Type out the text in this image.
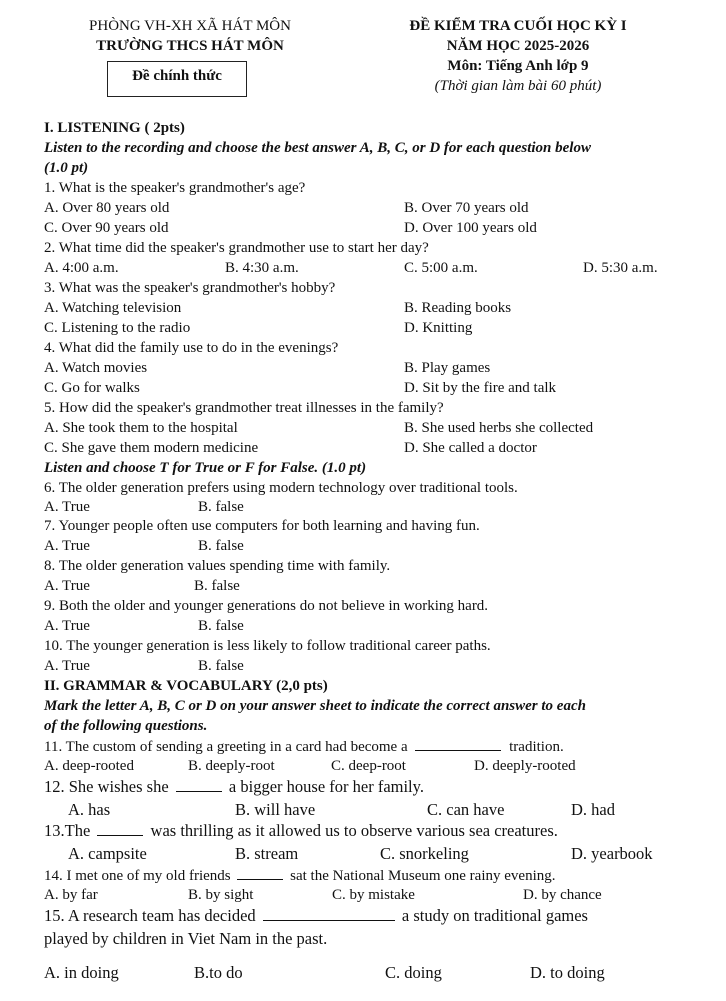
PHÒNG VH-XH XÃ HÁT MÔN
TRƯỜNG THCS HÁT MÔN
Đề chính thức
ĐỀ KIỂM TRA CUỐI HỌC KỲ I
NĂM HỌC 2025-2026
Môn: Tiếng Anh lớp 9
(Thời gian làm bài 60 phút)
I. LISTENING ( 2pts)
Listen to the recording and choose the best answer A, B, C, or D for each question below
(1.0 pt)
1. What is the speaker's grandmother's age?
A. Over 80 years old	B. Over 70 years old
C. Over 90 years old	D. Over 100 years old
2. What time did the speaker's grandmother use to start her day?
A. 4:00 a.m.	B. 4:30 a.m.	C. 5:00 a.m.	D. 5:30 a.m.
3. What was the speaker's grandmother's hobby?
A. Watching television	B. Reading books
C. Listening to the radio	D. Knitting
4. What did the family use to do in the evenings?
A. Watch movies	B. Play games
C. Go for walks	D. Sit by the fire and talk
5. How did the speaker's grandmother treat illnesses in the family?
A. She took them to the hospital	B. She used herbs she collected
C. She gave them modern medicine	D. She called a doctor
Listen and choose T for True or F for False. (1.0 pt)
6. The older generation prefers using modern technology over traditional tools.
A. True	B. false
7. Younger people often use computers for both learning and having fun.
A. True	B. false
8. The older generation values spending time with family.
A. True	B. false
9. Both the older and younger generations do not believe in working hard.
A. True	B. false
10. The younger generation is less likely to follow traditional career paths.
A. True	B. false
II. GRAMMAR & VOCABULARY (2,0 pts)
Mark the letter A, B, C or D on your answer sheet to indicate the correct answer to each
of the following questions.
11. The custom of sending a greeting in a card had become a	tradition.
A. deep-rooted	B. deeply-root	C. deep-root	D. deeply-rooted
12. She wishes she	a bigger house for her family.
A. has	B. will have	C. can have	D. had
13.The	was thrilling as it allowed us to observe various sea creatures.
A. campsite	B. stream	C. snorkeling	D. yearbook
14. I met one of my old friends	sat the National Museum one rainy evening.
A. by far	B. by sight	C. by mistake	D. by chance
15. A research team has decided	a study on traditional games
played by children in Viet Nam in the past.
A. in doing	B.to do	C. doing	D. to doing
